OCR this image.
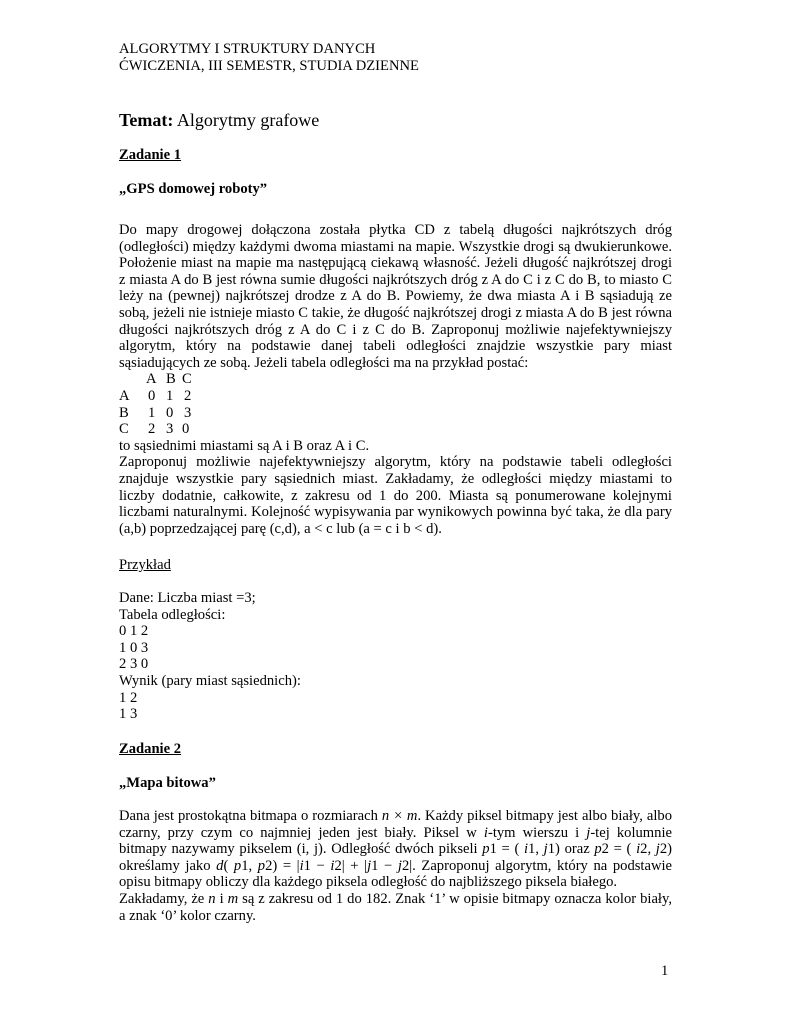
ALGORYTMY I STRUKTURY DANYCH
ĆWICZENIA, III SEMESTR, STUDIA DZIENNE
Temat: Algorytmy grafowe
Zadanie 1
„GPS domowej roboty”
Do mapy drogowej dołączona została płytka CD z tabelą długości najkrótszych dróg (odległości) między każdymi dwoma miastami na mapie. Wszystkie drogi są dwukierunkowe. Położenie miast na mapie ma następującą ciekawą własność. Jeżeli długość najkrótszej drogi z miasta A do B jest równa sumie długości najkrótszych dróg z A do C i z C do B, to miasto C leży na (pewnej) najkrótszej drodze z A do B. Powiemy, że dwa miasta A i B sąsiadują ze sobą, jeżeli nie istnieje miasto C takie, że długość najkrótszej drogi z miasta A do B jest równa długości najkrótszych dróg z A do C i z C do B. Zaproponuj możliwie najefektywniejszy algorytm, który na podstawie danej tabeli odległości znajdzie wszystkie pary miast sąsiadujących ze sobą. Jeżeli tabela odległości ma na przykład postać:

A

B

C

A

0

1

2

B

1

0

3

C

2

3

0

to sąsiednimi miastami są A i B oraz A i C.
Zaproponuj możliwie najefektywniejszy algorytm, który na podstawie tabeli odległości znajduje wszystkie pary sąsiednich miast. Zakładamy, że odległości między miastami to liczby dodatnie, całkowite, z zakresu od 1 do 200. Miasta są ponumerowane kolejnymi liczbami naturalnymi. Kolejność wypisywania par wynikowych powinna być taka, że dla pary (a,b) poprzedzającej parę (c,d), a < c lub (a = c i b < d).
Przykład
Dane: Liczba miast =3;
Tabela odległości:
0 1 2
1 0 3
2 3 0
Wynik (pary miast sąsiednich):
1 2
1 3
Zadanie 2
„Mapa bitowa”
Dana jest prostokątna bitmapa o rozmiarach n × m. Każdy piksel bitmapy jest albo biały, albo czarny, przy czym co najmniej jeden jest biały. Piksel w i-tym wierszu i j-tej kolumnie bitmapy nazywamy pikselem (i, j). Odległość dwóch pikseli p1 = ( i1, j1) oraz p2 = ( i2, j2) określamy jako d( p1, p2) = |i1 − i2| + |j1 − j2|. Zaproponuj algorytm, który na podstawie opisu bitmapy obliczy dla każdego piksela odległość do najbliższego piksela białego.
Zakładamy, że n i m są z zakresu od 1 do 182. Znak ‘1’ w opisie bitmapy oznacza kolor biały, a znak ‘0’ kolor czarny.
1
